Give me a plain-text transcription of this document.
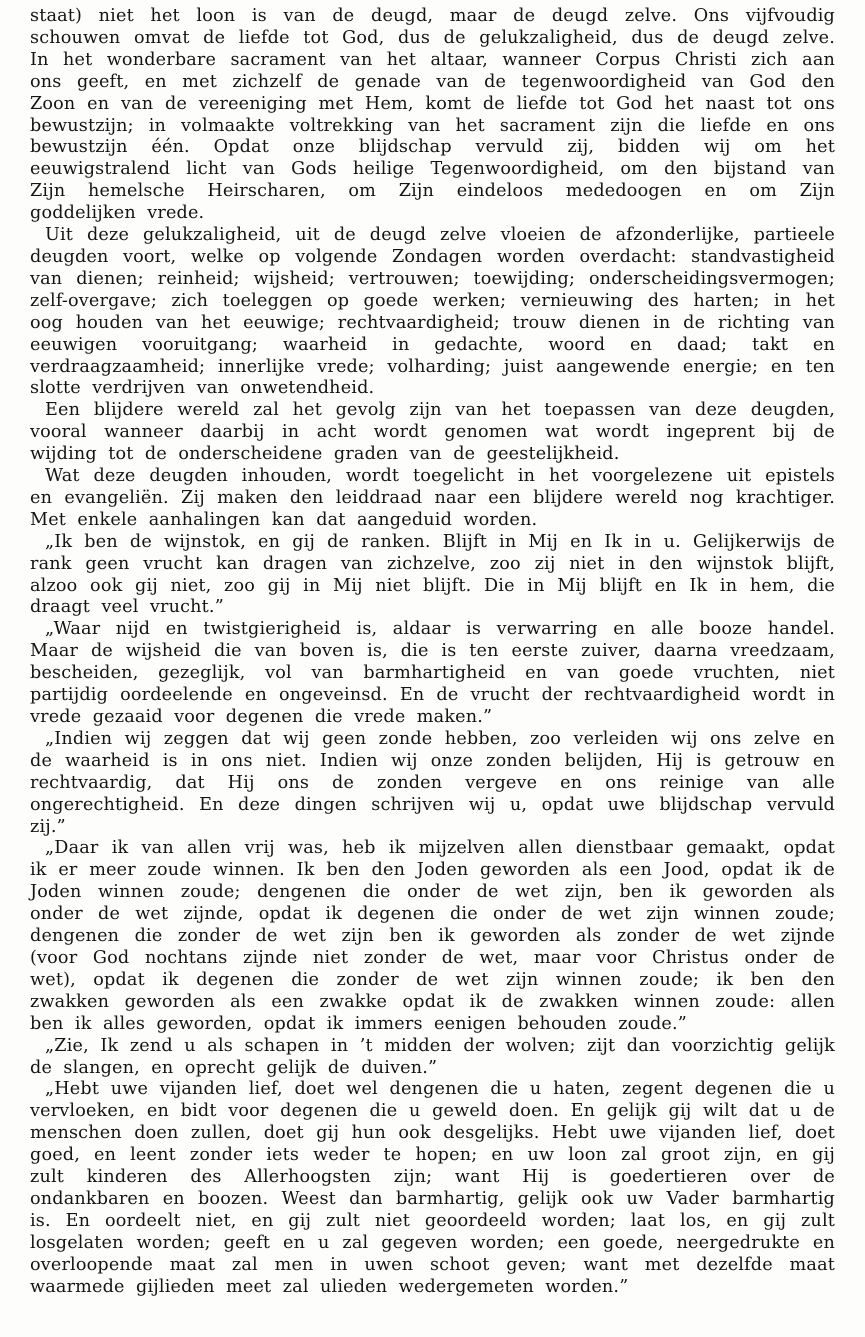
staat) niet het loon is van de deugd, maar de deugd zelve. Ons vijfvoudig schouwen omvat de liefde tot God, dus de gelukzaligheid, dus de deugd zelve. In het wonderbare sacrament van het altaar, wanneer Corpus Christi zich aan ons geeft, en met zichzelf de genade van de tegenwoordigheid van God den Zoon en van de vereeniging met Hem, komt de liefde tot God het naast tot ons bewustzijn; in volmaakte voltrekking van het sacrament zijn die liefde en ons bewustzijn één. Opdat onze blijdschap vervuld zij, bidden wij om het eeuwigstralend licht van Gods heilige Tegenwoordigheid, om den bijstand van Zijn hemelsche Heirscharen, om Zijn eindeloos mededoogen en om Zijn goddelijken vrede.

Uit deze gelukzaligheid, uit de deugd zelve vloeien de afzonderlijke, partieele deugden voort, welke op volgende Zondagen worden overdacht: standvastigheid van dienen; reinheid; wijsheid; vertrouwen; toewijding; onderscheidingsvermogen; zelf-overgave; zich toeleggen op goede werken; vernieuwing des harten; in het oog houden van het eeuwige; rechtvaardigheid; trouw dienen in de richting van eeuwigen vooruitgang; waarheid in gedachte, woord en daad; takt en verdraagzaamheid; innerlijke vrede; volharding; juist aangewende energie; en ten slotte verdrijven van onwetendheid.

Een blijdere wereld zal het gevolg zijn van het toepassen van deze deugden, vooral wanneer daarbij in acht wordt genomen wat wordt ingeprent bij de wijding tot de onderscheidene graden van de geestelijkheid.

Wat deze deugden inhouden, wordt toegelicht in het voorgelezene uit epistels en evangeliën. Zij maken den leiddraad naar een blijdere wereld nog krachtiger. Met enkele aanhalingen kan dat aangeduid worden.

„Ik ben de wijnstok, en gij de ranken. Blijft in Mij en Ik in u. Gelijkerwijs de rank geen vrucht kan dragen van zichzelve, zoo zij niet in den wijnstok blijft, alzoo ook gij niet, zoo gij in Mij niet blijft. Die in Mij blijft en Ik in hem, die draagt veel vrucht.”

„Waar nijd en twistgierigheid is, aldaar is verwarring en alle booze handel. Maar de wijsheid die van boven is, die is ten eerste zuiver, daarna vreedzaam, bescheiden, gezeglijk, vol van barmhartigheid en van goede vruchten, niet partijdig oordeelende en ongeveinsd. En de vrucht der rechtvaardigheid wordt in vrede gezaaid voor degenen die vrede maken.”

„Indien wij zeggen dat wij geen zonde hebben, zoo verleiden wij ons zelve en de waarheid is in ons niet. Indien wij onze zonden belijden, Hij is getrouw en rechtvaardig, dat Hij ons de zonden vergeve en ons reinige van alle ongerechtigheid. En deze dingen schrijven wij u, opdat uwe blijdschap vervuld zij.”

„Daar ik van allen vrij was, heb ik mijzelven allen dienstbaar gemaakt, opdat ik er meer zoude winnen. Ik ben den Joden geworden als een Jood, opdat ik de Joden winnen zoude; dengenen die onder de wet zijn, ben ik geworden als onder de wet zijnde, opdat ik degenen die onder de wet zijn winnen zoude; dengenen die zonder de wet zijn ben ik geworden als zonder de wet zijnde (voor God nochtans zijnde niet zonder de wet, maar voor Christus onder de wet), opdat ik degenen die zonder de wet zijn winnen zoude; ik ben den zwakken geworden als een zwakke opdat ik de zwakken winnen zoude: allen ben ik alles geworden, opdat ik immers eenigen behouden zoude.”

„Zie, Ik zend u als schapen in ’t midden der wolven; zijt dan voorzichtig gelijk de slangen, en oprecht gelijk de duiven.”

„Hebt uwe vijanden lief, doet wel dengenen die u haten, zegent degenen die u vervloeken, en bidt voor degenen die u geweld doen. En gelijk gij wilt dat u de menschen doen zullen, doet gij hun ook desgelijks. Hebt uwe vijanden lief, doet goed, en leent zonder iets weder te hopen; en uw loon zal groot zijn, en gij zult kinderen des Allerhoogsten zijn; want Hij is goedertieren over de ondankbaren en boozen. Weest dan barmhartig, gelijk ook uw Vader barmhartig is. En oordeelt niet, en gij zult niet geoordeeld worden; laat los, en gij zult losgelaten worden; geeft en u zal gegeven worden; een goede, neergedrukte en overloopende maat zal men in uwen schoot geven; want met dezelfde maat waarmede gijlieden meet zal ulieden wedergemeten worden.”
